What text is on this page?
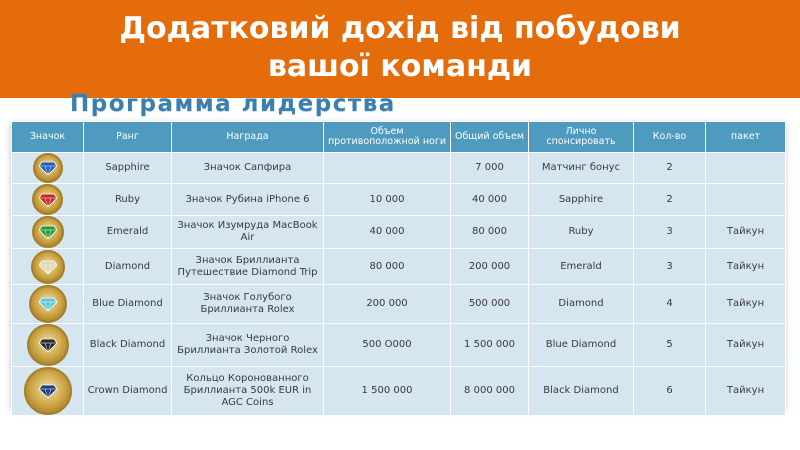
Додатковий дохід від побудови
вашої команди
Программа лидерства
Значок	Ранг	Награда	Объем противоположной ноги	Общий объем	Лично спонсировать	Кол-во	пакет

	Sapphire	Значок Сапфира		7 000	Матчинг бонус	2	

	Ruby	Значок Рубина iPhone 6	10 000	40 000	Sapphire	2	

	Emerald	Значок Изумруда MacBook Air	40 000	80 000	Ruby	3	Тайкун

	Diamond	Значок Бриллианта Путешествие Diamond Trip	80 000	200 000	Emerald	3	Тайкун

	Blue Diamond	Значок Голубого Бриллианта Rolex	200 000	500 000	Diamond	4	Тайкун

	Black Diamond	Значок Черного Бриллианта Золотой Rolex	500 О000	1 500 000	Blue Diamond	5	Тайкун

	Crown Diamond	Кольцо Коронованного Бриллианта 500k EUR in AGC Coins	1 500 000	8 000 000	Black Diamond	6	Тайкун
